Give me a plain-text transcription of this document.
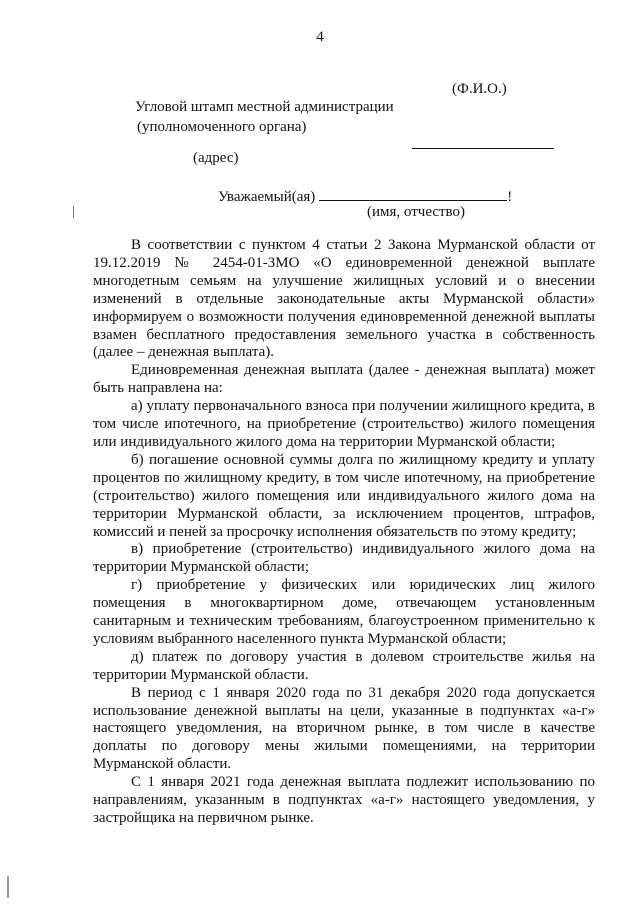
4
(Ф.И.О.)
Угловой штамп местной администрации
(уполномоченного органа)
(адрес)
Уважаемый(ая)	!
(имя, отчество)

В соответствии с пунктом 4 статьи 2 Закона Мурманской области от 19.12.2019 № 2454-01-ЗМО «О единовременной денежной выплате многодетным семьям на улучшение жилищных условий и о внесении изменений в отдельные законодательные акты Мурманской области» информируем о возможности получения единовременной денежной выплаты взамен бесплатного предоставления земельного участка в собственность (далее – денежная выплата).

Единовременная денежная выплата (далее - денежная выплата) может быть направлена на:

а) уплату первоначального взноса при получении жилищного кредита, в том числе ипотечного, на приобретение (строительство) жилого помещения или индивидуального жилого дома на территории Мурманской области;

б) погашение основной суммы долга по жилищному кредиту и уплату процентов по жилищному кредиту, в том числе ипотечному, на приобретение (строительство) жилого помещения или индивидуального жилого дома на территории Мурманской области, за исключением процентов, штрафов, комиссий и пеней за просрочку исполнения обязательств по этому кредиту;

в) приобретение (строительство) индивидуального жилого дома на территории Мурманской области;

г) приобретение у физических или юридических лиц жилого помещения в многоквартирном доме, отвечающем установленным санитарным и техническим требованиям, благоустроенном применительно к условиям выбранного населенного пункта Мурманской области;

д) платеж по договору участия в долевом строительстве жилья на территории Мурманской области.

В период с 1 января 2020 года по 31 декабря 2020 года допускается использование денежной выплаты на цели, указанные в подпунктах «а-г» настоящего уведомления, на вторичном рынке, в том числе в качестве доплаты по договору мены жилыми помещениями, на территории Мурманской области.

С 1 января 2021 года денежная выплата подлежит использованию по направлениям, указанным в подпунктах «а-г» настоящего уведомления, у застройщика на первичном рынке.
